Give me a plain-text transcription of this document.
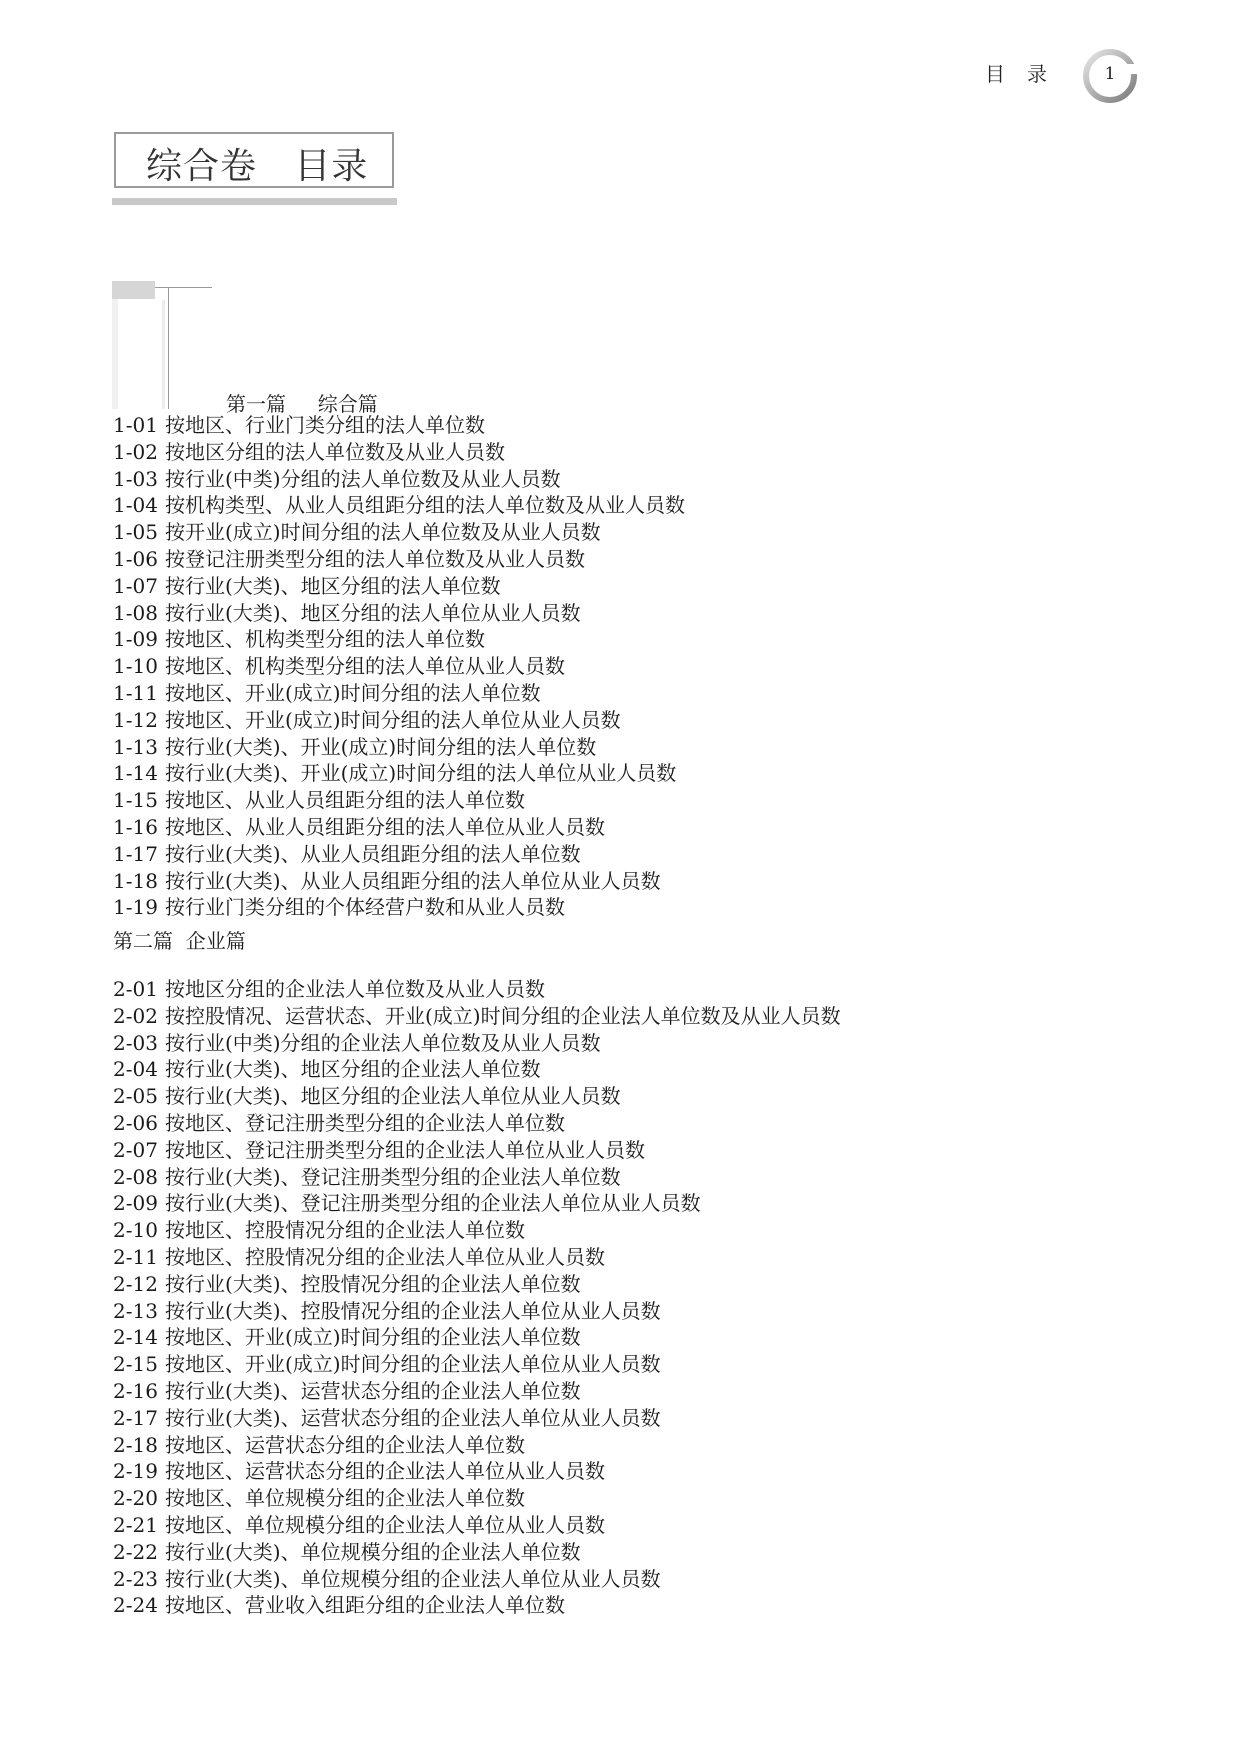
目录	1
综合卷   目录
第一篇     综合篇
1-01 按地区、行业门类分组的法人单位数
1-02 按地区分组的法人单位数及从业人员数
1-03 按行业(中类)分组的法人单位数及从业人员数
1-04 按机构类型、从业人员组距分组的法人单位数及从业人员数
1-05 按开业(成立)时间分组的法人单位数及从业人员数
1-06 按登记注册类型分组的法人单位数及从业人员数
1-07 按行业(大类)、地区分组的法人单位数
1-08 按行业(大类)、地区分组的法人单位从业人员数
1-09 按地区、机构类型分组的法人单位数
1-10 按地区、机构类型分组的法人单位从业人员数
1-11 按地区、开业(成立)时间分组的法人单位数
1-12 按地区、开业(成立)时间分组的法人单位从业人员数
1-13 按行业(大类)、开业(成立)时间分组的法人单位数
1-14 按行业(大类)、开业(成立)时间分组的法人单位从业人员数
1-15 按地区、从业人员组距分组的法人单位数
1-16 按地区、从业人员组距分组的法人单位从业人员数
1-17 按行业(大类)、从业人员组距分组的法人单位数
1-18 按行业(大类)、从业人员组距分组的法人单位从业人员数
1-19 按行业门类分组的个体经营户数和从业人员数
第二篇  企业篇
2-01 按地区分组的企业法人单位数及从业人员数
2-02 按控股情况、运营状态、开业(成立)时间分组的企业法人单位数及从业人员数
2-03 按行业(中类)分组的企业法人单位数及从业人员数
2-04 按行业(大类)、地区分组的企业法人单位数
2-05 按行业(大类)、地区分组的企业法人单位从业人员数
2-06 按地区、登记注册类型分组的企业法人单位数
2-07 按地区、登记注册类型分组的企业法人单位从业人员数
2-08 按行业(大类)、登记注册类型分组的企业法人单位数
2-09 按行业(大类)、登记注册类型分组的企业法人单位从业人员数
2-10 按地区、控股情况分组的企业法人单位数
2-11 按地区、控股情况分组的企业法人单位从业人员数
2-12 按行业(大类)、控股情况分组的企业法人单位数
2-13 按行业(大类)、控股情况分组的企业法人单位从业人员数
2-14 按地区、开业(成立)时间分组的企业法人单位数
2-15 按地区、开业(成立)时间分组的企业法人单位从业人员数
2-16 按行业(大类)、运营状态分组的企业法人单位数
2-17 按行业(大类)、运营状态分组的企业法人单位从业人员数
2-18 按地区、运营状态分组的企业法人单位数
2-19 按地区、运营状态分组的企业法人单位从业人员数
2-20 按地区、单位规模分组的企业法人单位数
2-21 按地区、单位规模分组的企业法人单位从业人员数
2-22 按行业(大类)、单位规模分组的企业法人单位数
2-23 按行业(大类)、单位规模分组的企业法人单位从业人员数
2-24 按地区、营业收入组距分组的企业法人单位数
